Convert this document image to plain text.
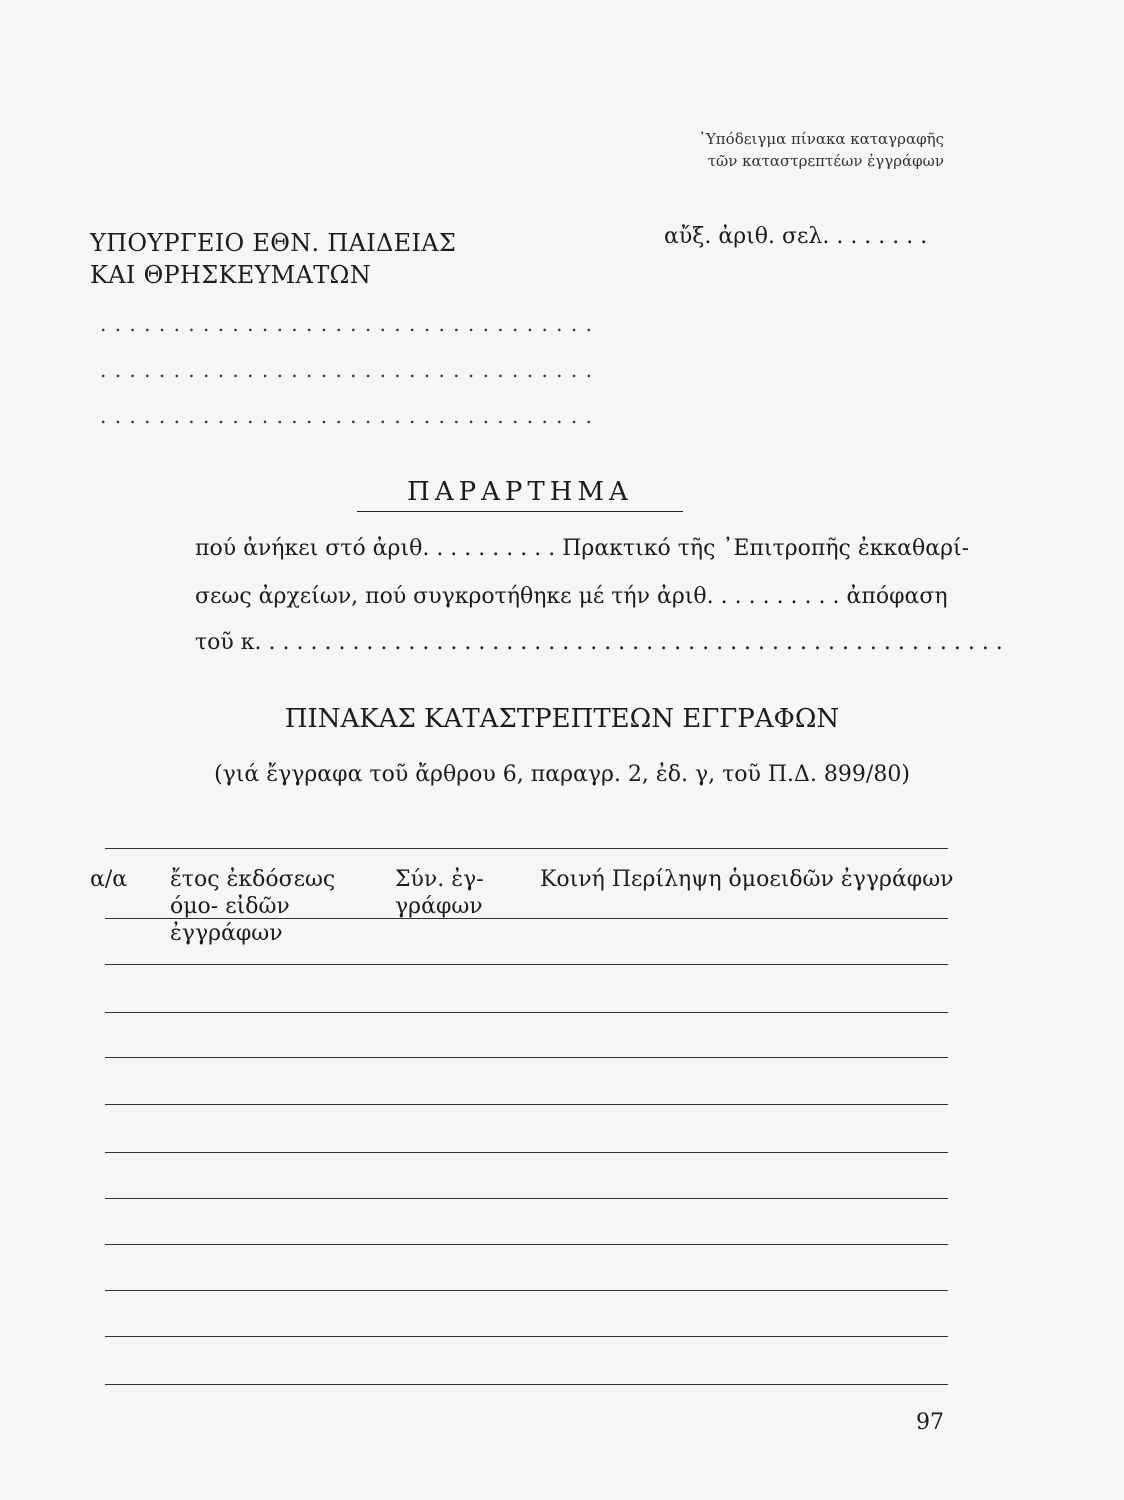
᾿Υπόδειγμα πίνακα καταγραφῆς
τῶν καταστρεπτέων ἐγγράφων
ΥΠΟΥΡΓΕΙΟ ΕΘΝ. ΠΑΙΔΕΙΑΣ
ΚΑΙ ΘΡΗΣΚΕΥΜΑΤΩΝ
αὔξ. ἀριθ. σελ. . . . . . . .
. . . . . . . . . . . . . . . . . . . . . . . . . . . . . . . . . .
. . . . . . . . . . . . . . . . . . . . . . . . . . . . . . . . . .
. . . . . . . . . . . . . . . . . . . . . . . . . . . . . . . . . .
ΠΑΡΑΡΤΗΜΑ
πού ἀνήκει στό ἀριθ. . . . . . . . . . Πρακτικό τῆς ᾿Επιτροπῆς ἐκκαθαρί-
σεως ἀρχείων, πού συγκροτήθηκε μέ τήν ἀριθ. . . . . . . . . . ἀπόφαση
τοῦ κ. . . . . . . . . . . . . . . . . . . . . . . . . . . . . . . . . . . . . . . . . . . . . . . . . . . . . .
ΠΙΝΑΚΑΣ ΚΑΤΑΣΤΡΕΠΤΕΩΝ ΕΓΓΡΑΦΩΝ
(γιά ἔγγραφα τοῦ ἄρθρου 6, παραγρ. 2, ἐδ. γ, τοῦ Π.Δ. 899/80)
α/α ἔτος ἐκδόσεως όμο- εἰδῶν ἐγγράφων
Σύν. ἐγ- γράφων
Κοινή Περίληψη ὁμοειδῶν ἐγγράφων
97
